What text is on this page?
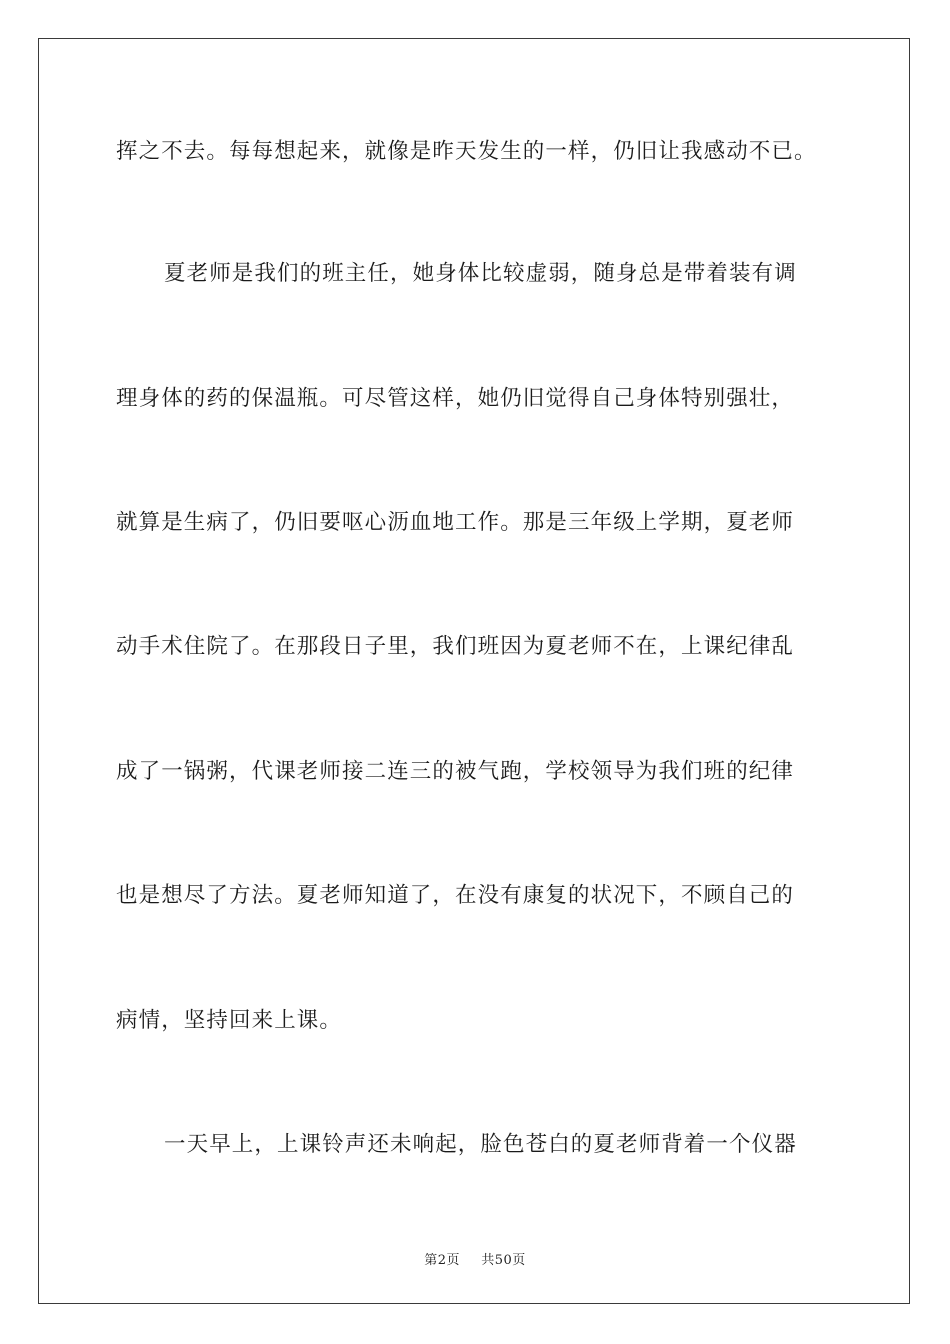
挥之不去。每每想起来，就像是昨天发生的一样，仍旧让我感动不已。

夏老师是我们的班主任，她身体比较虚弱，随身总是带着装有调

理身体的药的保温瓶。可尽管这样，她仍旧觉得自己身体特别强壮，

就算是生病了，仍旧要呕心沥血地工作。那是三年级上学期，夏老师

动手术住院了。在那段日子里，我们班因为夏老师不在，上课纪律乱

成了一锅粥，代课老师接二连三的被气跑，学校领导为我们班的纪律

也是想尽了方法。夏老师知道了，在没有康复的状况下，不顾自己的

病情，坚持回来上课。

一天早上，上课铃声还未响起，脸色苍白的夏老师背着一个仪器

第2页 共50页
